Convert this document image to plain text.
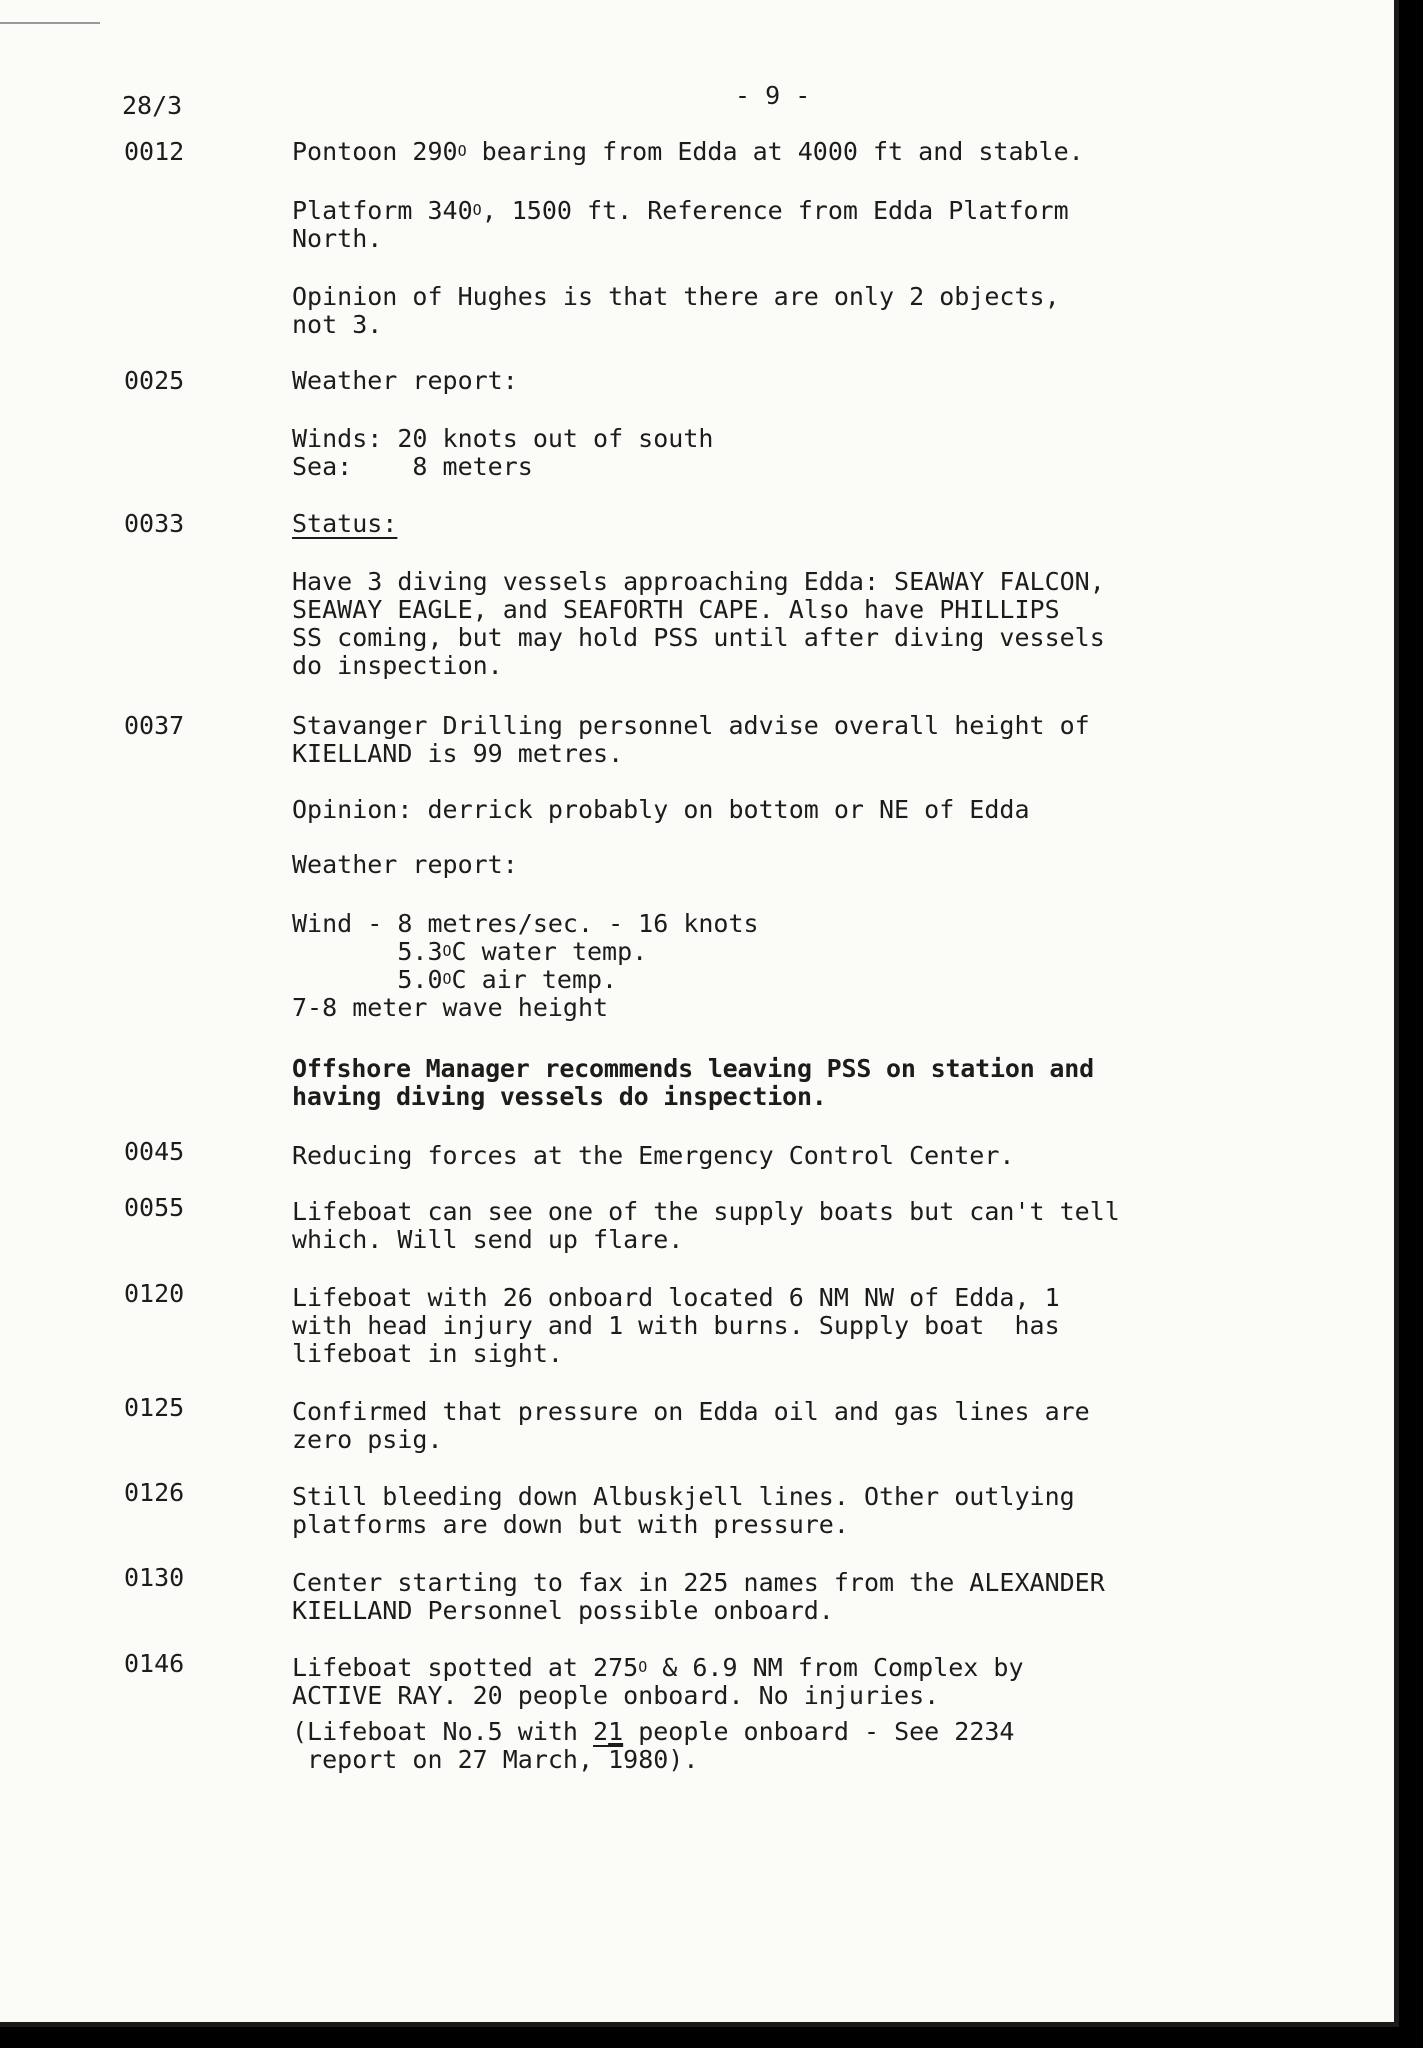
28/3	- 9 -
0012	Pontoon $290^O$ bearing from Edda at 4000 ft and stable.
Platform $340^O$, 1500 ft. Reference from Edda Platform
North.
Opinion of Hughes is that there are only 2 objects,
not 3.
0025	Weather report:
Winds: 20 knots out of south
Sea:    8 meters
0033	Status:
Have 3 diving vessels approaching Edda: SEAWAY FALCON,
SEAWAY EAGLE, and SEAFORTH CAPE. Also have PHILLIPS
SS coming, but may hold PSS until after diving vessels
do inspection.
0037	Stavanger Drilling personnel advise overall height of
KIELLAND is 99 metres.
Opinion: derrick probably on bottom or NE of Edda
Weather report:
Wind - 8 metres/sec. - 16 knots
$5.3^OC$ water temp.
$5.0^OC$ air temp.
7-8 meter wave height
Offshore Manager recommends leaving PSS on station and
having diving vessels do inspection.
0045	Reducing forces at the Emergency Control Center.
0055	Lifeboat can see one of the supply boats but can't tell
which. Will send up flare.
0120	Lifeboat with 26 onboard located 6 NM NW of Edda, 1
with head injury and 1 with burns. Supply boat  has
lifeboat in sight.
0125	Confirmed that pressure on Edda oil and gas lines are
zero psig.
0126	Still bleeding down Albuskjell lines. Other outlying
platforms are down but with pressure.
0130	Center starting to fax in 225 names from the ALEXANDER
KIELLAND Personnel possible onboard.
0146	Lifeboat spotted at $275^O$ & 6.9 NM from Complex by
ACTIVE RAY. 20 people onboard. No injuries.
(Lifeboat No.5 with 21 people onboard - See 2234
report on 27 March, 1980).
